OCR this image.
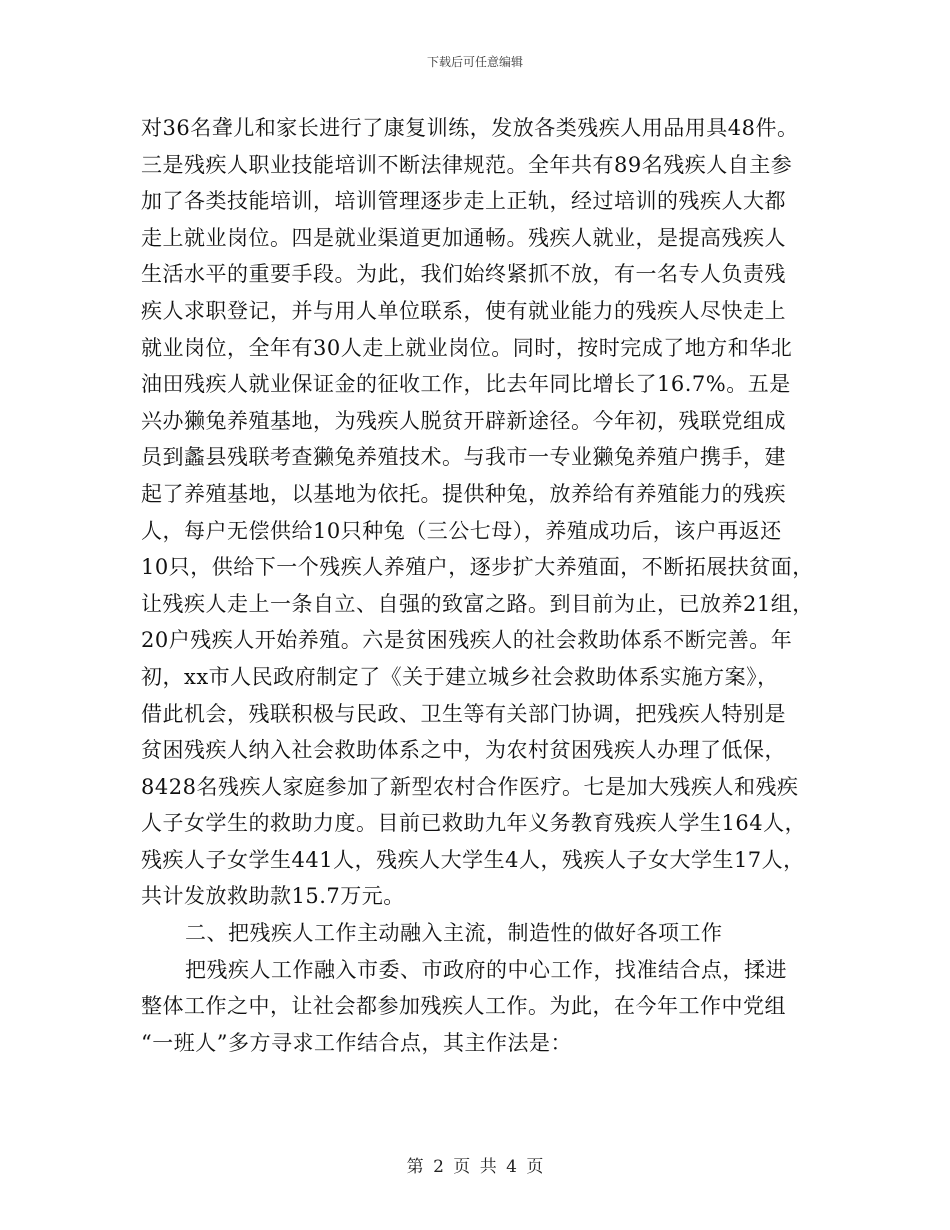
下载后可任意编辑
对36名聋儿和家长进行了康复训练，发放各类残疾人用品用具48件。
三是残疾人职业技能培训不断法律规范。全年共有89名残疾人自主参
加了各类技能培训，培训管理逐步走上正轨，经过培训的残疾人大都
走上就业岗位。四是就业渠道更加通畅。残疾人就业，是提高残疾人
生活水平的重要手段。为此，我们始终紧抓不放，有一名专人负责残
疾人求职登记，并与用人单位联系，使有就业能力的残疾人尽快走上
就业岗位，全年有30人走上就业岗位。同时，按时完成了地方和华北
油田残疾人就业保证金的征收工作，比去年同比增长了16.7%。五是
兴办獭兔养殖基地，为残疾人脱贫开辟新途径。今年初，残联党组成
员到蠡县残联考查獭兔养殖技术。与我市一专业獭兔养殖户携手，建
起了养殖基地，以基地为依托。提供种兔，放养给有养殖能力的残疾
人，每户无偿供给10只种兔（三公七母），养殖成功后，该户再返还
10只，供给下一个残疾人养殖户，逐步扩大养殖面，不断拓展扶贫面，
让残疾人走上一条自立、自强的致富之路。到目前为止，已放养21组，
20户残疾人开始养殖。六是贫困残疾人的社会救助体系不断完善。年
初，xx市人民政府制定了《关于建立城乡社会救助体系实施方案》，
借此机会，残联积极与民政、卫生等有关部门协调，把残疾人特别是
贫困残疾人纳入社会救助体系之中，为农村贫困残疾人办理了低保，
8428名残疾人家庭参加了新型农村合作医疗。七是加大残疾人和残疾
人子女学生的救助力度。目前已救助九年义务教育残疾人学生164人，
残疾人子女学生441人，残疾人大学生4人，残疾人子女大学生17人，
共计发放救助款15.7万元。
二、把残疾人工作主动融入主流，制造性的做好各项工作
把残疾人工作融入市委、市政府的中心工作，找准结合点，揉进
整体工作之中，让社会都参加残疾人工作。为此，在今年工作中党组
“一班人”多方寻求工作结合点，其主作法是：
第 2 页 共 4 页
